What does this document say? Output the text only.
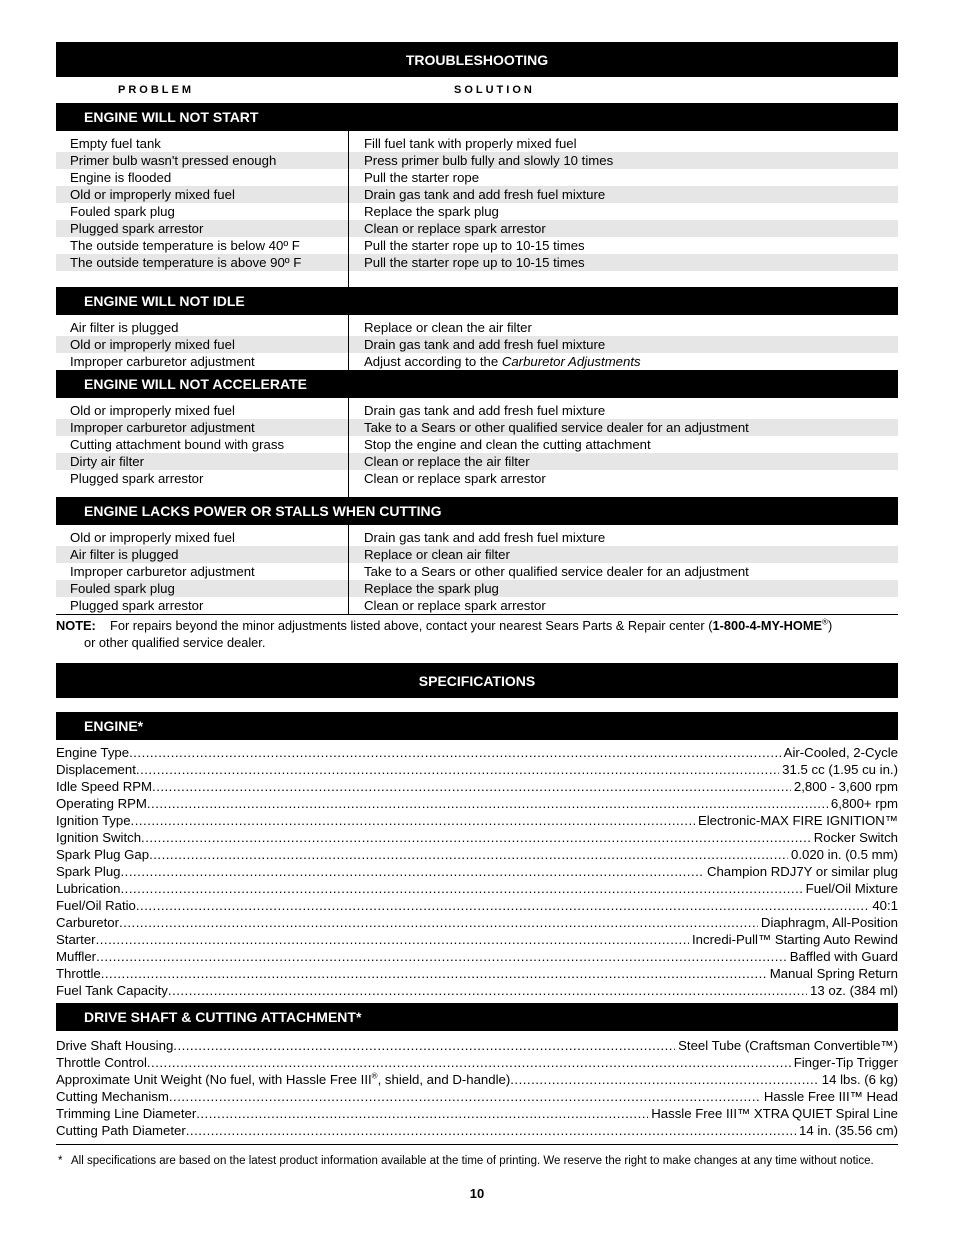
TROUBLESHOOTING
PROBLEM	SOLUTION
ENGINE WILL NOT START
Empty fuel tank	Fill fuel tank with properly mixed fuel
Primer bulb wasn't pressed enough	Press primer bulb fully and slowly 10 times
Engine is flooded	Pull the starter rope
Old or improperly mixed fuel	Drain gas tank and add fresh fuel mixture
Fouled spark plug	Replace the spark plug
Plugged spark arrestor	Clean or replace spark arrestor
The outside temperature is below 40º F	Pull the starter rope up to 10-15 times
The outside temperature is above 90º F	Pull the starter rope up to 10-15 times
ENGINE WILL NOT IDLE
Air filter is plugged	Replace or clean the air filter
Old or improperly mixed fuel	Drain gas tank and add fresh fuel mixture
Improper carburetor adjustment	Adjust according to the Carburetor Adjustments
ENGINE WILL NOT ACCELERATE
Old or improperly mixed fuel	Drain gas tank and add fresh fuel mixture
Improper carburetor adjustment	Take to a Sears or other qualified service dealer for an adjustment
Cutting attachment bound with grass	Stop the engine and clean the cutting attachment
Dirty air filter	Clean or replace the air filter
Plugged spark arrestor	Clean or replace spark arrestor
ENGINE LACKS POWER OR STALLS WHEN CUTTING
Old or improperly mixed fuel	Drain gas tank and add fresh fuel mixture
Air filter is plugged	Replace or clean air filter
Improper carburetor adjustment	Take to a Sears or other qualified service dealer for an adjustment
Fouled spark plug	Replace the spark plug
Plugged spark arrestor	Clean or replace spark arrestor
NOTE: For repairs beyond the minor adjustments listed above, contact your nearest Sears Parts & Repair center (1-800-4-MY-HOME®)
or other qualified service dealer.
SPECIFICATIONS
ENGINE*
Engine Type .....	Air-Cooled, 2-Cycle
Displacement .....	31.5 cc (1.95 cu in.)
Idle Speed RPM .....	2,800 - 3,600 rpm
Operating RPM .....	6,800+ rpm
Ignition Type .....	Electronic-MAX FIRE IGNITION™
Ignition Switch .....	Rocker Switch
Spark Plug Gap .....	0.020 in. (0.5 mm)
Spark Plug .....	Champion RDJ7Y or similar plug
Lubrication .....	Fuel/Oil Mixture
Fuel/Oil Ratio .....	40:1
Carburetor .....	Diaphragm, All-Position
Starter .....	Incredi-Pull™ Starting Auto Rewind
Muffler .....	Baffled with Guard
Throttle .....	Manual Spring Return
Fuel Tank Capacity .....	13 oz. (384 ml)
DRIVE SHAFT & CUTTING ATTACHMENT*
Drive Shaft Housing .....	Steel Tube (Craftsman Convertible™)
Throttle Control .....	Finger-Tip Trigger
Approximate Unit Weight (No fuel, with Hassle Free III®, shield, and D-handle) .....	14 lbs. (6 kg)
Cutting Mechanism .....	Hassle Free III™ Head
Trimming Line Diameter .....	Hassle Free III™ XTRA QUIET Spiral Line
Cutting Path Diameter .....	14 in. (35.56 cm)
* All specifications are based on the latest product information available at the time of printing. We reserve the right to make changes at any time without notice.
10
